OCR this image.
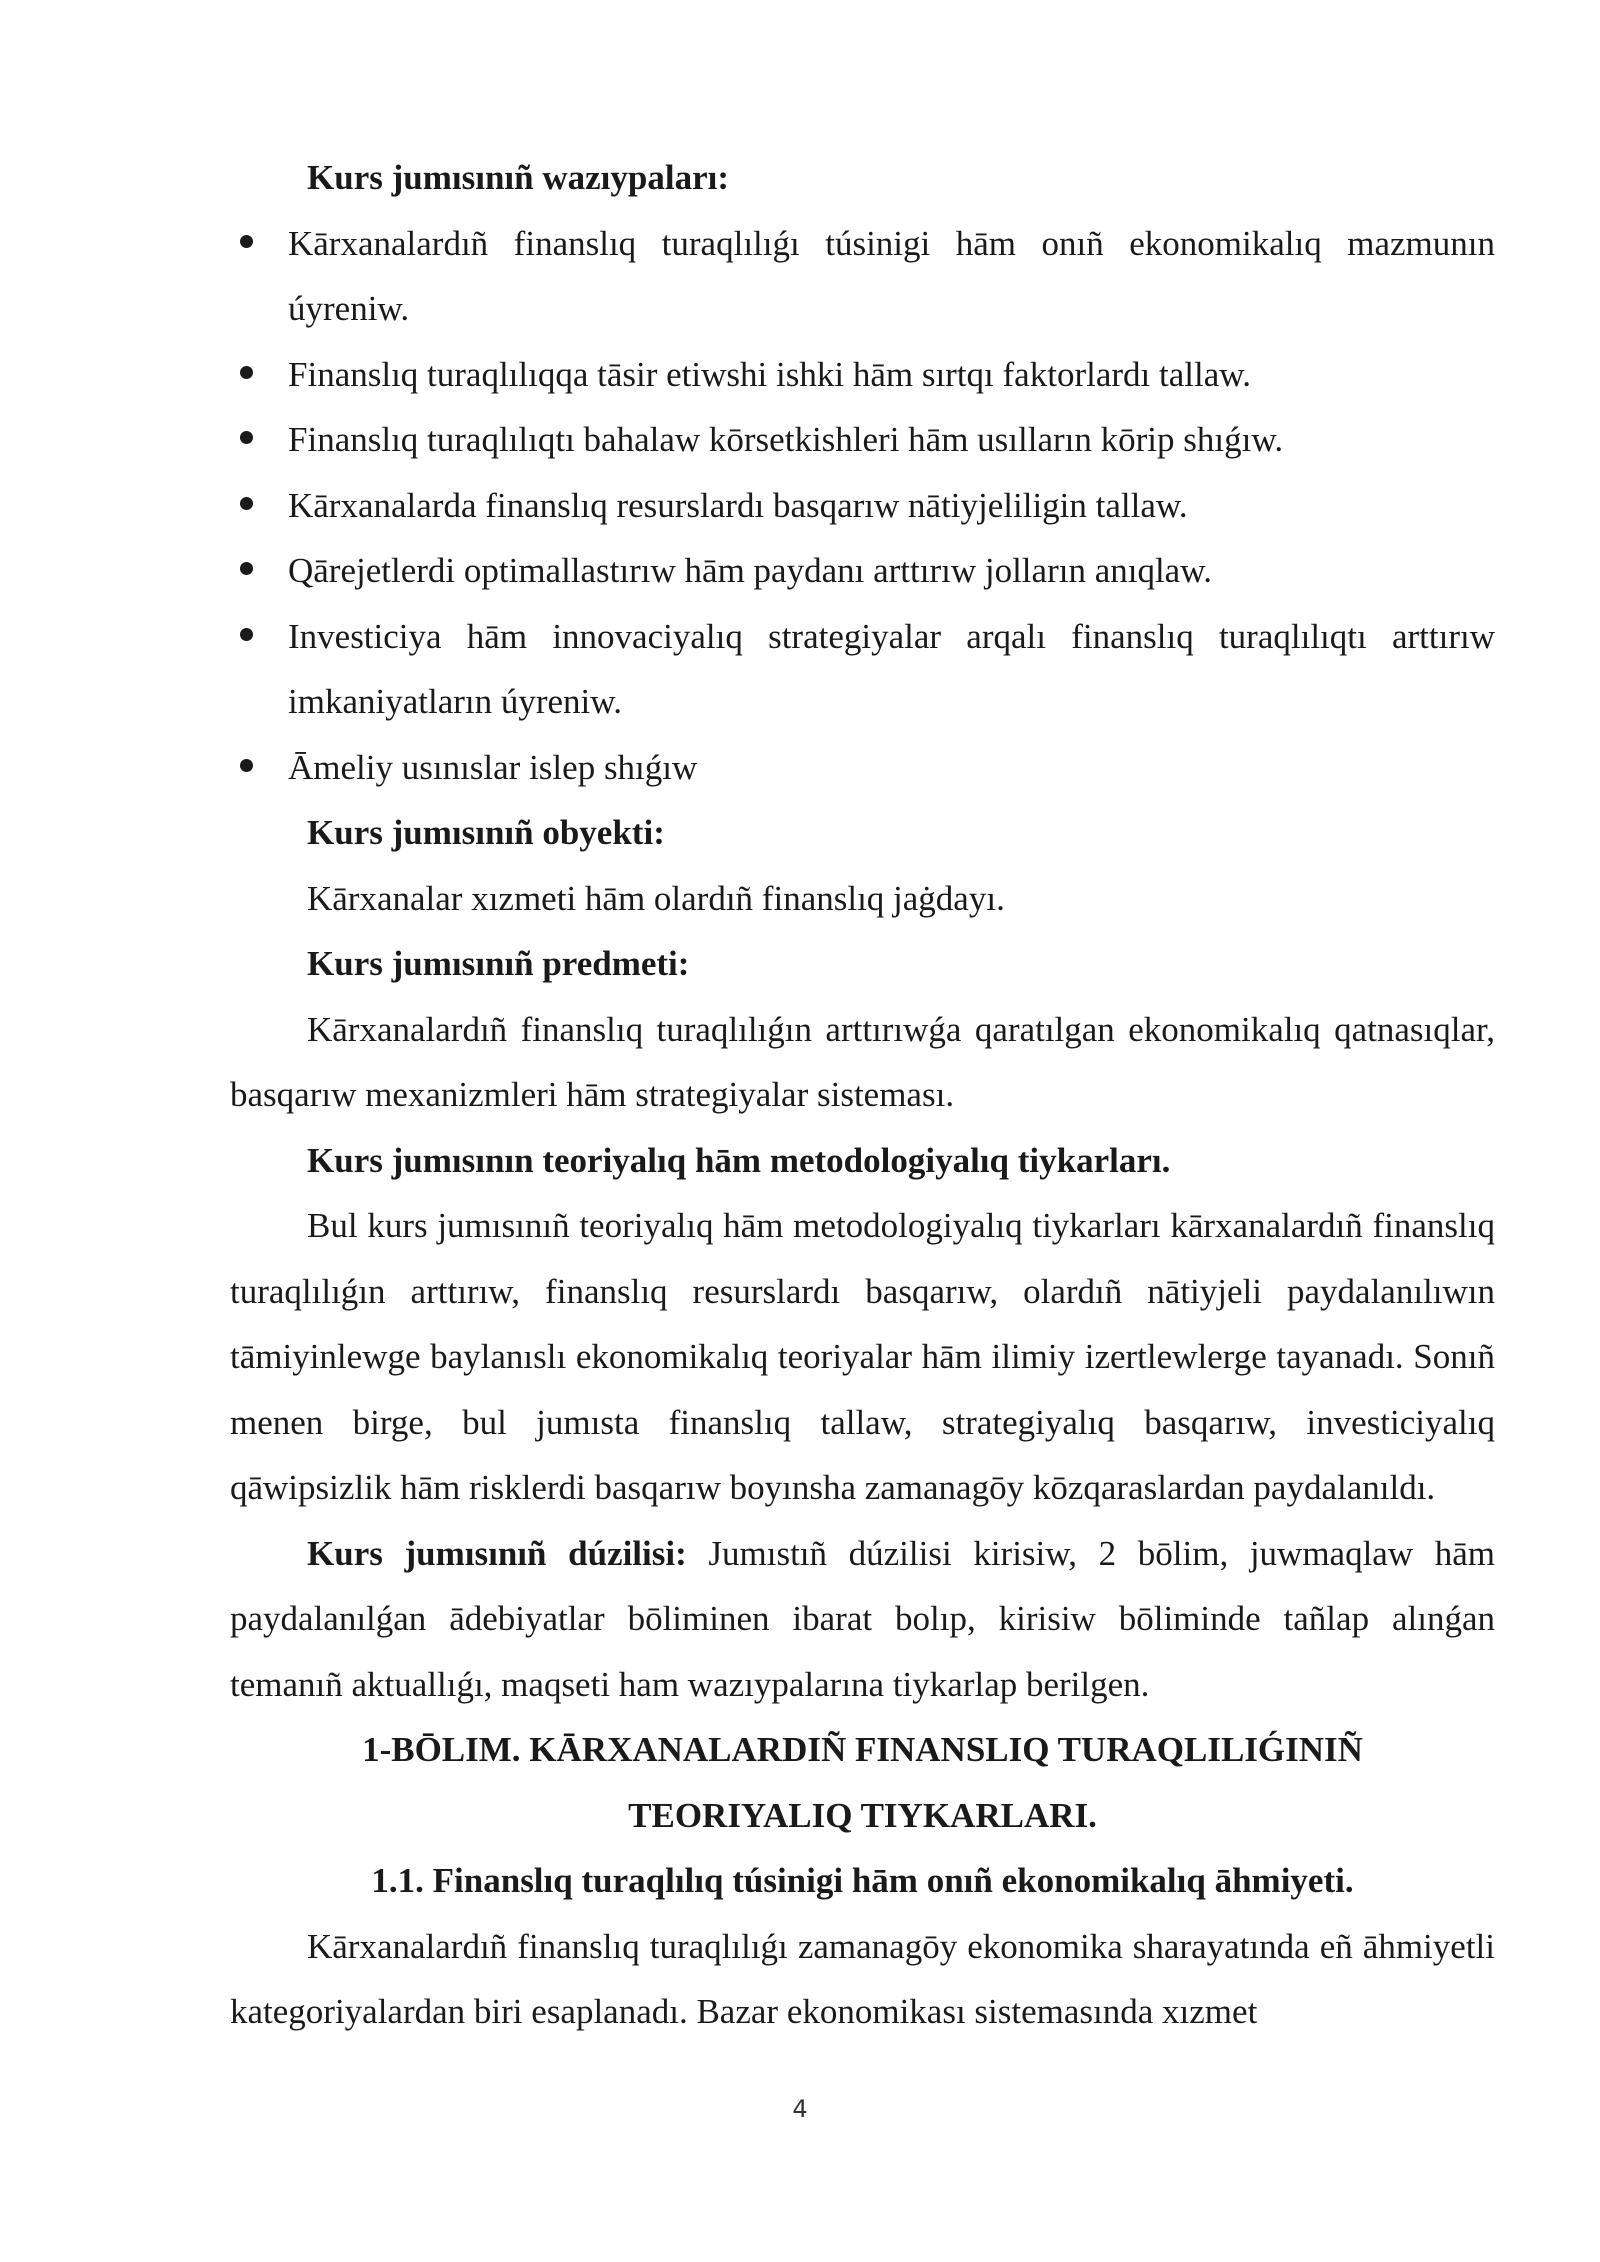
Kurs jumısınıñ wazıypaları:

Kārxanalardıñ finanslıq turaqlılıǵı túsinigi hām onıñ ekonomikalıq mazmunın úyreniw.
Finanslıq turaqlılıqqa tāsir etiwshi ishki hām sırtqı faktorlardı tallaw.
Finanslıq turaqlılıqtı bahalaw kōrsetkishleri hām usılların kōrip shıǵıw.
Kārxanalarda finanslıq resurslardı basqarıw nātiyjeliligin tallaw.
Qārejetlerdi optimallastırıw hām paydanı arttırıw jolların anıqlaw.
Investiciya hām innovaciyalıq strategiyalar arqalı finanslıq turaqlılıqtı arttırıw imkaniyatların úyreniw.
Āmeliy usınıslar islep shıǵıw

Kurs jumısınıñ obyekti:

Kārxanalar xızmeti hām olardıñ finanslıq jaġdayı.

Kurs jumısınıñ predmeti:

Kārxanalardıñ finanslıq turaqlılıǵın arttırıwǵa qaratılgan ekonomikalıq qatnasıqlar, basqarıw mexanizmleri hām strategiyalar sisteması.

Kurs jumısının teoriyalıq hām metodologiyalıq tiykarları.

Bul kurs jumısınıñ teoriyalıq hām metodologiyalıq tiykarları kārxanalardıñ finanslıq turaqlılıǵın arttırıw, finanslıq resurslardı basqarıw, olardıñ nātiyjeli paydalanılıwın tāmiyinlewge baylanıslı ekonomikalıq teoriyalar hām ilimiy izertlewlerge tayanadı. Sonıñ menen birge, bul jumısta finanslıq tallaw, strategiyalıq basqarıw, investiciyalıq qāwipsizlik hām risklerdi basqarıw boyınsha zamanagōy kōzqaraslardan paydalanıldı.

Kurs jumısınıñ dúzilisi: Jumıstıñ dúzilisi kirisiw, 2 bōlim, juwmaqlaw hām paydalanılǵan ādebiyatlar bōliminen ibarat bolıp, kirisiw bōliminde tañlap alınǵan temanıñ aktuallıǵı, maqseti ham wazıypalarına tiykarlap berilgen.

1-BŌLIM. KĀRXANALARDIÑ FINANSLIQ TURAQLILIǴINIÑ

TEORIYALIQ TIYKARLARI.

1.1. Finanslıq turaqlılıq túsinigi hām onıñ ekonomikalıq āhmiyeti.

Kārxanalardıñ finanslıq turaqlılıǵı zamanagōy ekonomika sharayatında eñ āhmiyetli kategoriyalardan biri esaplanadı. Bazar ekonomikası sistemasında xızmet

4
